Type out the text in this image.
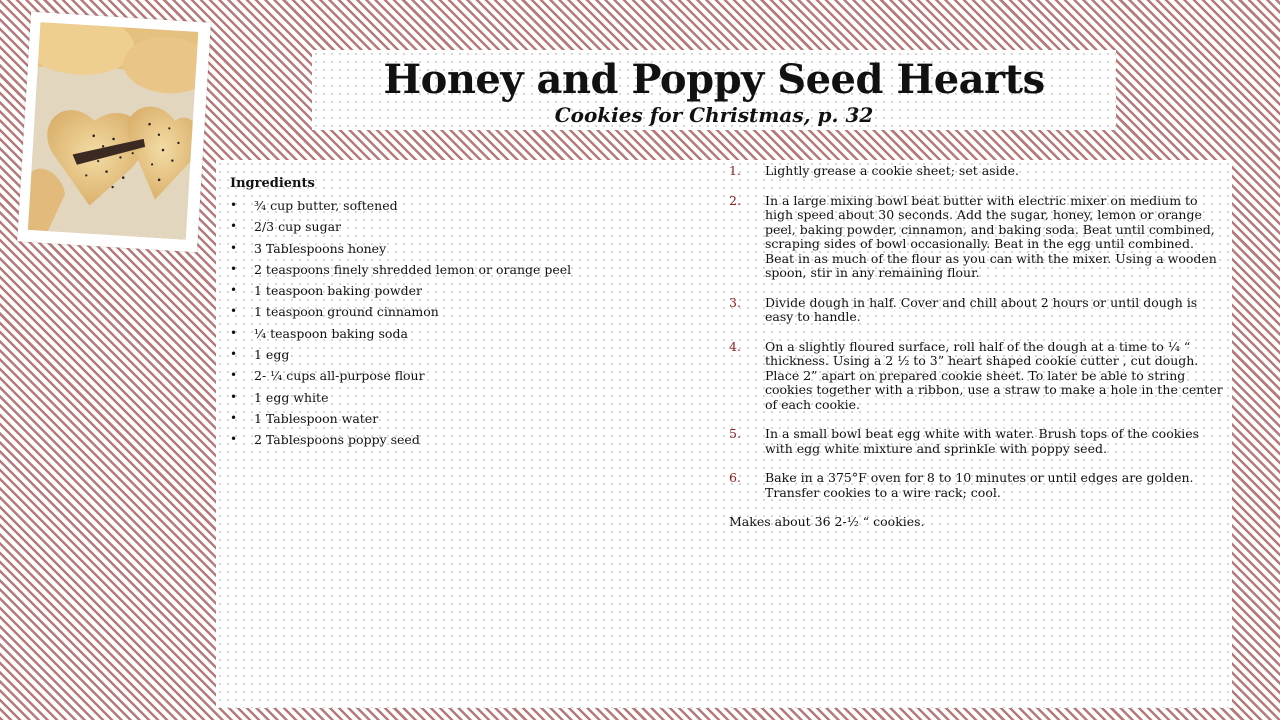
Honey and Poppy Seed Hearts
Cookies for Christmas, p. 32
Ingredients
• ¾ cup butter, softened
• 2/3 cup sugar
• 3 Tablespoons honey
• 2 teaspoons finely shredded lemon or orange peel
• 1 teaspoon baking powder
• 1 teaspoon ground cinnamon
• ¼ teaspoon baking soda
• 1 egg
• 2- ¼ cups all-purpose flour
• 1 egg white
• 1 Tablespoon water
• 2 Tablespoons poppy seed
1. Lightly grease a cookie sheet; set aside.
2. In a large mixing bowl beat butter with electric mixer on medium to high speed about 30 seconds. Add the sugar, honey, lemon or orange peel, baking powder, cinnamon, and baking soda. Beat until combined, scraping sides of bowl occasionally. Beat in the egg until combined. Beat in as much of the flour as you can with the mixer. Using a wooden spoon, stir in any remaining flour.
3. Divide dough in half. Cover and chill about 2 hours or until dough is easy to handle.
4. On a slightly floured surface, roll half of the dough at a time to ¼ “ thickness. Using a 2 ½ to 3” heart shaped cookie cutter , cut dough. Place 2” apart on prepared cookie sheet. To later be able to string cookies together with a ribbon, use a straw to make a hole in the center of each cookie.
5. In a small bowl beat egg white with water. Brush tops of the cookies with egg white mixture and sprinkle with poppy seed.
6. Bake in a 375°F oven for 8 to 10 minutes or until edges are golden. Transfer cookies to a wire rack; cool.
Makes about 36 2-½ “ cookies.
